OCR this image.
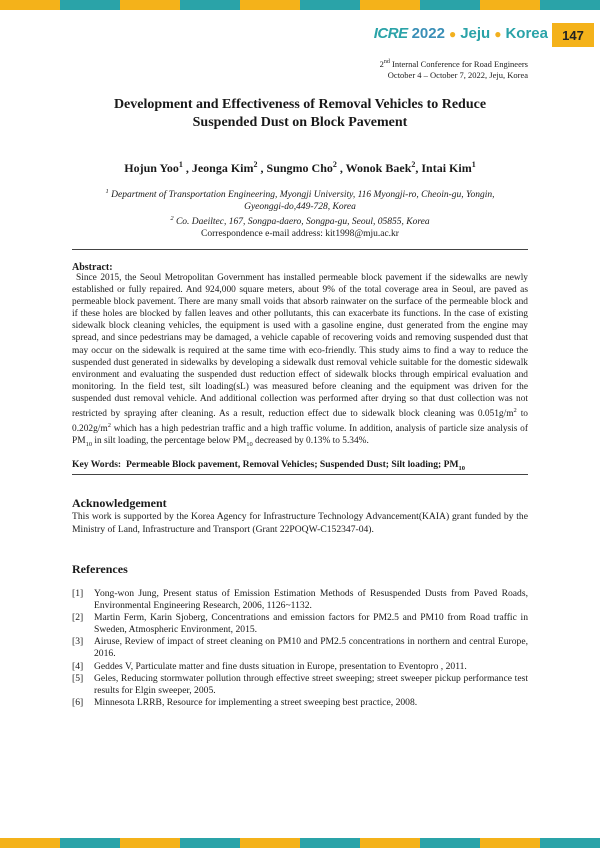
ICRE 2022 ● Jeju ● Korea	147
2nd Internal Conference for Road Engineers
October 4 – October 7, 2022, Jeju, Korea
Development and Effectiveness of Removal Vehicles to Reduce
Suspended Dust on Block Pavement
Hojun Yoo$^1$ , Jeonga Kim$^2$ , Sungmo Cho$^2$ , Wonok Baek$^2$, Intai Kim$^1$
$^1$ Department of Transportation Engineering, Myongji University, 116 Myongji-ro, Cheoin-gu, Yongin,
Gyeonggi-do,449-728, Korea
$^2$ Co. Daeiltec, 167, Songpa-daero, Songpa-gu, Seoul, 05855, Korea
Correspondence e-mail address: kit1998@mju.ac.kr
Abstract:
Since 2015, the Seoul Metropolitan Government has installed permeable block pavement if the sidewalks are newly established or fully repaired. And 924,000 square meters, about 9% of the total coverage area in Seoul, are paved as permeable block pavement. There are many small voids that absorb rainwater on the surface of the permeable block and if these holes are blocked by fallen leaves and other pollutants, this can exacerbate its functions. In the case of existing sidewalk block cleaning vehicles, the equipment is used with a gasoline engine, dust generated from the engine may spread, and since pedestrians may be damaged, a vehicle capable of recovering voids and removing suspended dust that may occur on the sidewalk is required at the same time with eco-friendly. This study aims to find a way to reduce the suspended dust generated in sidewalks by developing a sidewalk dust removal vehicle suitable for the domestic sidewalk environment and evaluating the suspended dust reduction effect of sidewalk blocks through empirical evaluation and monitoring. In the field test, silt loading(sL) was measured before cleaning and the equipment was driven for the suspended dust removal vehicle. And additional collection was performed after drying so that dust collection was not restricted by spraying after cleaning. As a result, reduction effect due to sidewalk block cleaning was $0.051g/m^2$ to $0.202g/m^2$ which has a high pedestrian traffic and a high traffic volume. In addition, analysis of particle size analysis of $PM_{10}$ in silt loading, the percentage below $PM_{10}$ decreased by 0.13% to 5.34%.
Key Words: Permeable Block pavement, Removal Vehicles; Suspended Dust; Silt loading; $PM_{10}$
Acknowledgement
This work is supported by the Korea Agency for Infrastructure Technology Advancement(KAIA) grant funded by the Ministry of Land, Infrastructure and Transport (Grant 22POQW-C152347-04).
References
[1]	Yong-won Jung, Present status of Emission Estimation Methods of Resuspended Dusts from Paved Roads, Environmental Engineering Research, 2006, 1126~1132.
[2]	Martin Ferm, Karin Sjoberg, Concentrations and emission factors for PM2.5 and PM10 from Road traffic in Sweden, Atmospheric Environment, 2015.
[3]	Airuse, Review of impact of street cleaning on PM10 and PM2.5 concentrations in northern and central Europe, 2016.
[4]	Geddes V, Particulate matter and fine dusts situation in Europe, presentation to Eventopro , 2011.
[5]	Geles, Reducing stormwater pollution through effective street sweeping; street sweeper pickup performance test results for Elgin sweeper, 2005.
[6]	Minnesota LRRB, Resource for implementing a street sweeping best practice, 2008.
